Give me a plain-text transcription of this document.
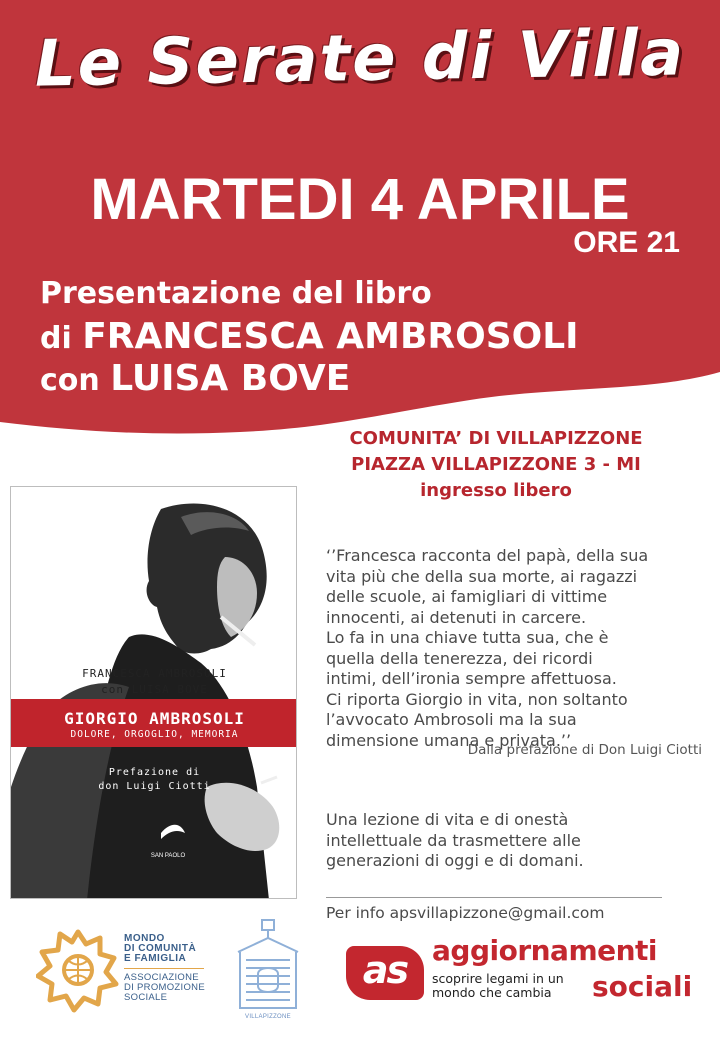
Le Serate di Villa
MARTEDI 4 APRILE
ORE 21
Presentazione del libro
di FRANCESCA AMBROSOLI
con LUISA BOVE
COMUNITA’ DI VILLAPIZZONE
PIAZZA VILLAPIZZONE 3 - MI
ingresso libero
FRANCESCA AMBROSOLI
con LUISA BOVE
GIORGIO AMBROSOLI
DOLORE, ORGOGLIO, MEMORIA
Prefazione di
don Luigi Ciotti
SAN PAOLO

‘’Francesca racconta del papà, della sua

vita più che della sua morte, ai ragazzi

delle scuole, ai famigliari di vittime

innocenti, ai detenuti in carcere.

Lo fa in una chiave tutta sua, che è

quella della tenerezza, dei ricordi

intimi, dell’ironia sempre affettuosa.

Ci riporta Giorgio in vita, non soltanto

l’avvocato Ambrosoli ma la sua

dimensione umana e privata.’’

Dalla prefazione di Don Luigi Ciotti

Una lezione di vita e di onestà

intellettuale da trasmettere alle

generazioni di oggi e di domani.

Per info apsvillapizzone@gmail.com
MONDO
DI COMUNITÀ
E FAMIGLIA
ASSOCIAZIONE
DI PROMOZIONE
SOCIALE
VILLAPIZZONE
as aggiornamenti
scoprire legami in un
mondo che cambia	sociali
